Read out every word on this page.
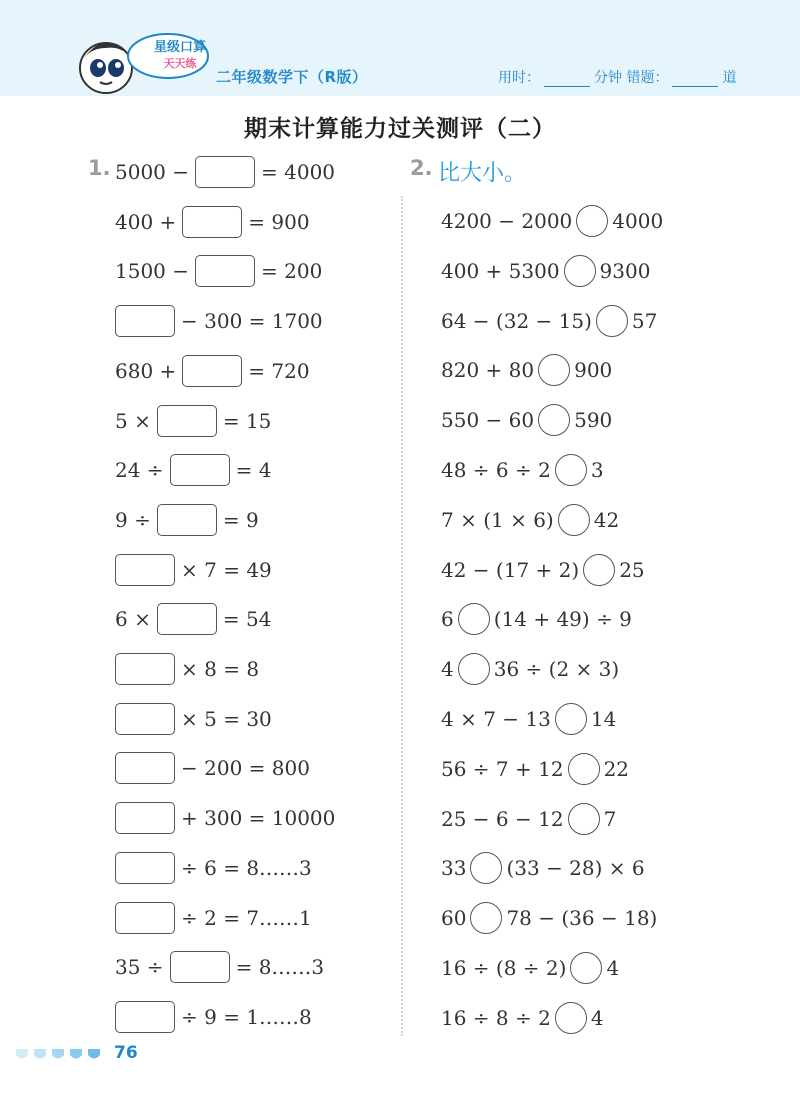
星级口算
天天练
二年级数学下（R版）	用时：	分钟 错题：	道
期末计算能力过关测评（二）
1.	2. 比大小。
5000 −	= 4000
400 +	= 900
1500 −	= 200
− 300 = 1700
680 +	= 720
5 ×	= 15
24 ÷	= 4
9 ÷	= 9
× 7 = 49
6 ×	= 54
× 8 = 8
× 5 = 30
− 200 = 800
+ 300 = 10000
÷ 6 = 8……3
÷ 2 = 7……1
35 ÷	= 8……3
÷ 9 = 1……8
4200 − 2000 4000
400 + 5300 9300
64 − (32 − 15) 57
820 + 80 900
550 − 60 590
48 ÷ 6 ÷ 2 3
7 × (1 × 6) 42
42 − (17 + 2) 25
6 (14 + 49) ÷ 9
4 36 ÷ (2 × 3)
4 × 7 − 13 14
56 ÷ 7 + 12 22
25 − 6 − 12 7
33 (33 − 28) × 6
60 78 − (36 − 18)
16 ÷ (8 ÷ 2) 4
16 ÷ 8 ÷ 2 4
76
